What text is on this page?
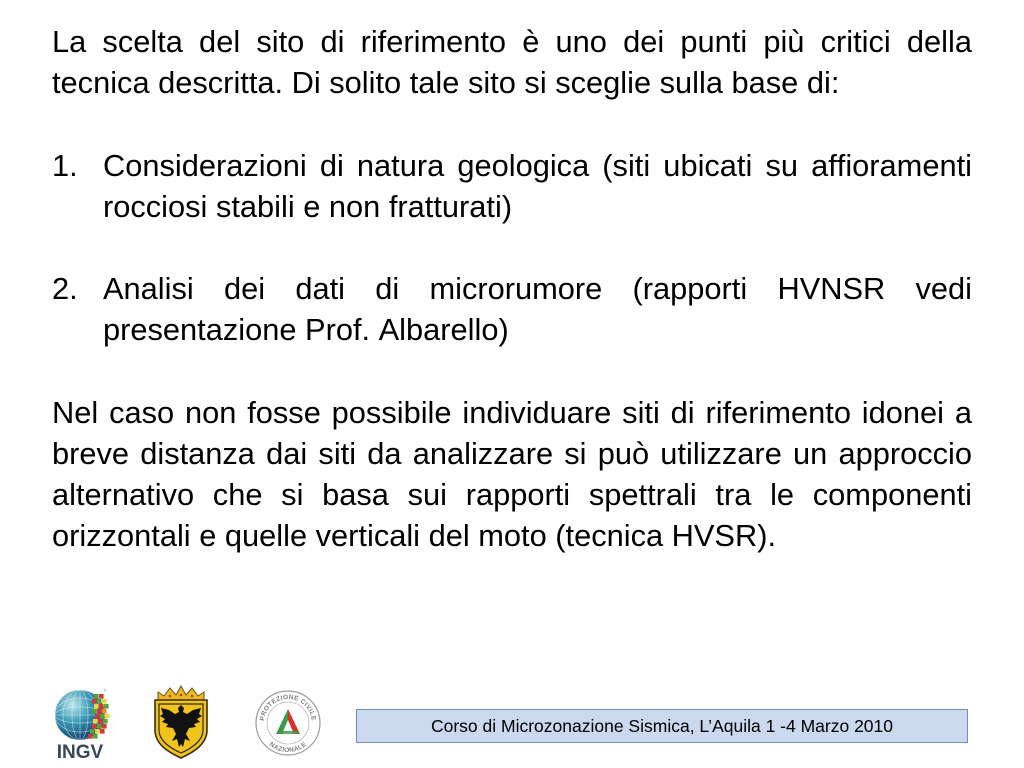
La scelta del sito di riferimento è uno dei punti più critici della tecnica descritta. Di solito tale sito si sceglie sulla base di:

1. Considerazioni di natura geologica (siti ubicati su affioramenti rocciosi stabili e non fratturati)
2. Analisi dei dati di microrumore (rapporti HVNSR vedi presentazione Prof. Albarello)

Nel caso non fosse possibile individuare siti di riferimento idonei a breve distanza dai siti da analizzare si può utilizzare un approccio alternativo che si basa sui rapporti spettrali tra le componenti orizzontali e quelle verticali del moto (tecnica HVSR).

INGV
PROTEZIONE CIVILE
NAZIONALE
Corso di Microzonazione Sismica, L’Aquila 1 -4 Marzo 2010
